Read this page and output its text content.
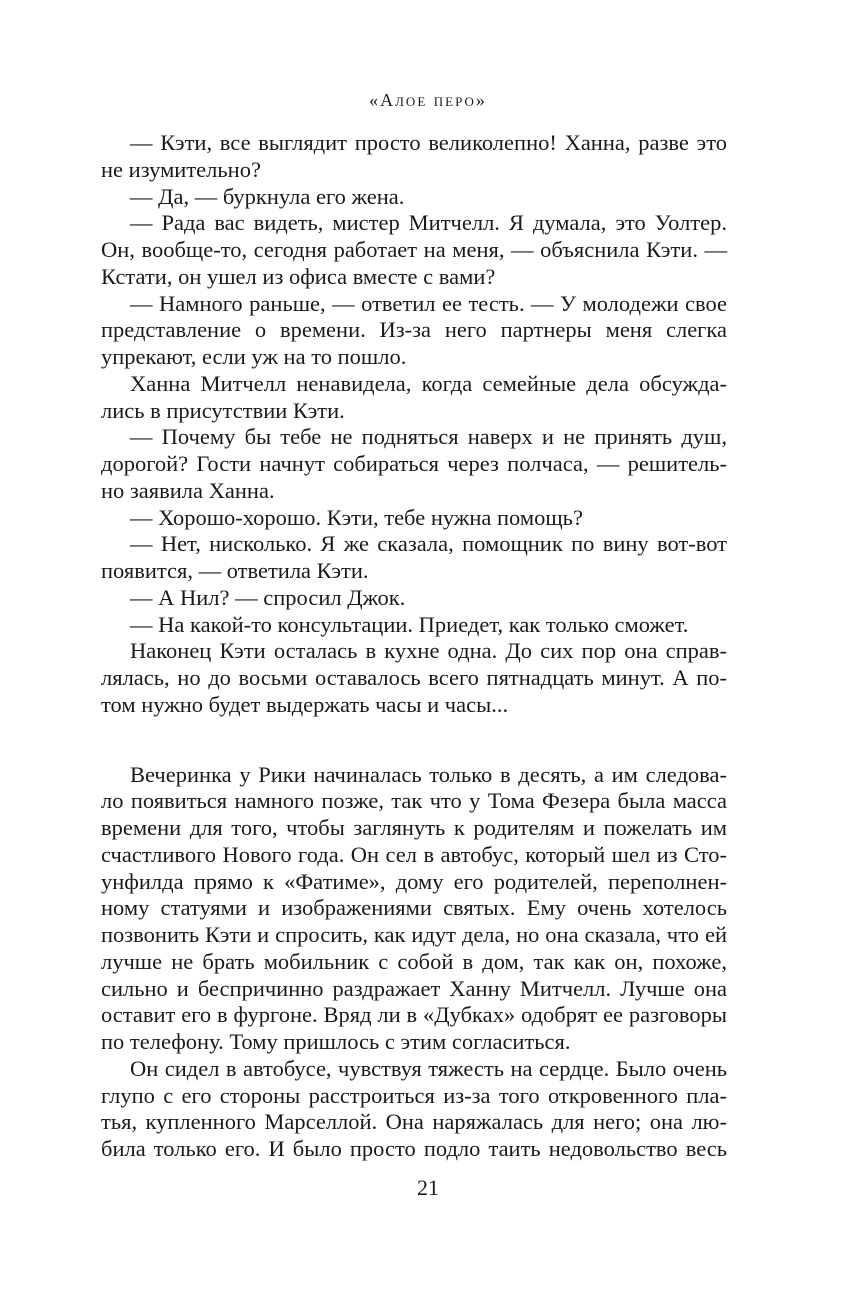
«Алое перо»
— Кэти, все выглядит просто великолепно! Ханна, разве это
не изумительно?
— Да, — буркнула его жена.
— Рада вас видеть, мистер Митчелл. Я думала, это Уолтер.
Он, вообще-то, сегодня работает на меня, — объяснила Кэти. —
Кстати, он ушел из офиса вместе с вами?
— Намного раньше, — ответил ее тесть. — У молодежи свое
представление о времени. Из-за него партнеры меня слегка
упрекают, если уж на то пошло.
Ханна Митчелл ненавидела, когда семейные дела обсужда-
лись в присутствии Кэти.
— Почему бы тебе не подняться наверх и не принять душ,
дорогой? Гости начнут собираться через полчаса, — решитель-
но заявила Ханна.
— Хорошо-хорошо. Кэти, тебе нужна помощь?
— Нет, нисколько. Я же сказала, помощник по вину вот-вот
появится, — ответила Кэти.
— А Нил? — спросил Джок.
— На какой-то консультации. Приедет, как только сможет.
Наконец Кэти осталась в кухне одна. До сих пор она справ-
лялась, но до восьми оставалось всего пятнадцать минут. А по-
том нужно будет выдержать часы и часы...
Вечеринка у Рики начиналась только в десять, а им следова-
ло появиться намного позже, так что у Тома Фезера была масса
времени для того, чтобы заглянуть к родителям и пожелать им
счастливого Нового года. Он сел в автобус, который шел из Сто-
унфилда прямо к «Фатиме», дому его родителей, переполнен-
ному статуями и изображениями святых. Ему очень хотелось
позвонить Кэти и спросить, как идут дела, но она сказала, что ей
лучше не брать мобильник с собой в дом, так как он, похоже,
сильно и беспричинно раздражает Ханну Митчелл. Лучше она
оставит его в фургоне. Вряд ли в «Дубках» одобрят ее разговоры
по телефону. Тому пришлось с этим согласиться.
Он сидел в автобусе, чувствуя тяжесть на сердце. Было очень
глупо с его стороны расстроиться из-за того откровенного пла-
тья, купленного Марселлой. Она наряжалась для него; она лю-
била только его. И было просто подло таить недовольство весь
21
